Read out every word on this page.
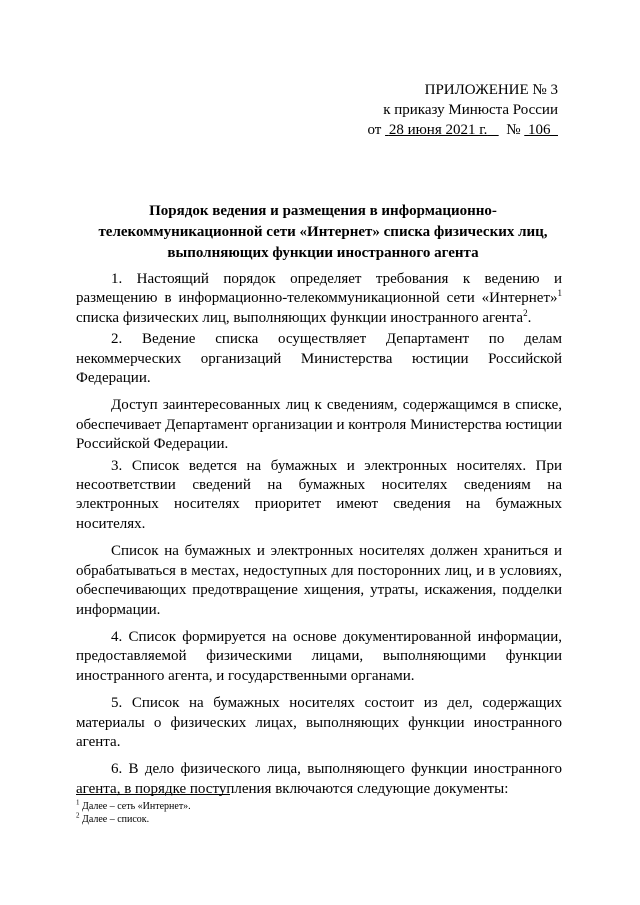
ПРИЛОЖЕНИЕ № 3
к приказу Минюста России
от 28 июня 2021 г. № 106
Порядок ведения и размещения в информационно-телекоммуникационной сети «Интернет» списка физических лиц, выполняющих функции иностранного агента

1. Настоящий порядок определяет требования к ведению и размещению в информационно-телекоммуникационной сети «Интернет»$^1$ списка физических лиц, выполняющих функции иностранного агента$^2$.

2. Ведение списка осуществляет Департамент по делам некоммерческих организаций Министерства юстиции Российской Федерации.

Доступ заинтересованных лиц к сведениям, содержащимся в списке, обеспечивает Департамент организации и контроля Министерства юстиции Российской Федерации.

3. Список ведется на бумажных и электронных носителях. При несоответствии сведений на бумажных носителях сведениям на электронных носителях приоритет имеют сведения на бумажных носителях.

Список на бумажных и электронных носителях должен храниться и обрабатываться в местах, недоступных для посторонних лиц, и в условиях, обеспечивающих предотвращение хищения, утраты, искажения, подделки информации.

4. Список формируется на основе документированной информации, предоставляемой физическими лицами, выполняющими функции иностранного агента, и государственными органами.

5. Список на бумажных носителях состоит из дел, содержащих материалы о физических лицах, выполняющих функции иностранного агента.

6. В дело физического лица, выполняющего функции иностранного агента, в порядке поступления включаются следующие документы:

$^1$ Далее – сеть «Интернет».
$^2$ Далее – список.
